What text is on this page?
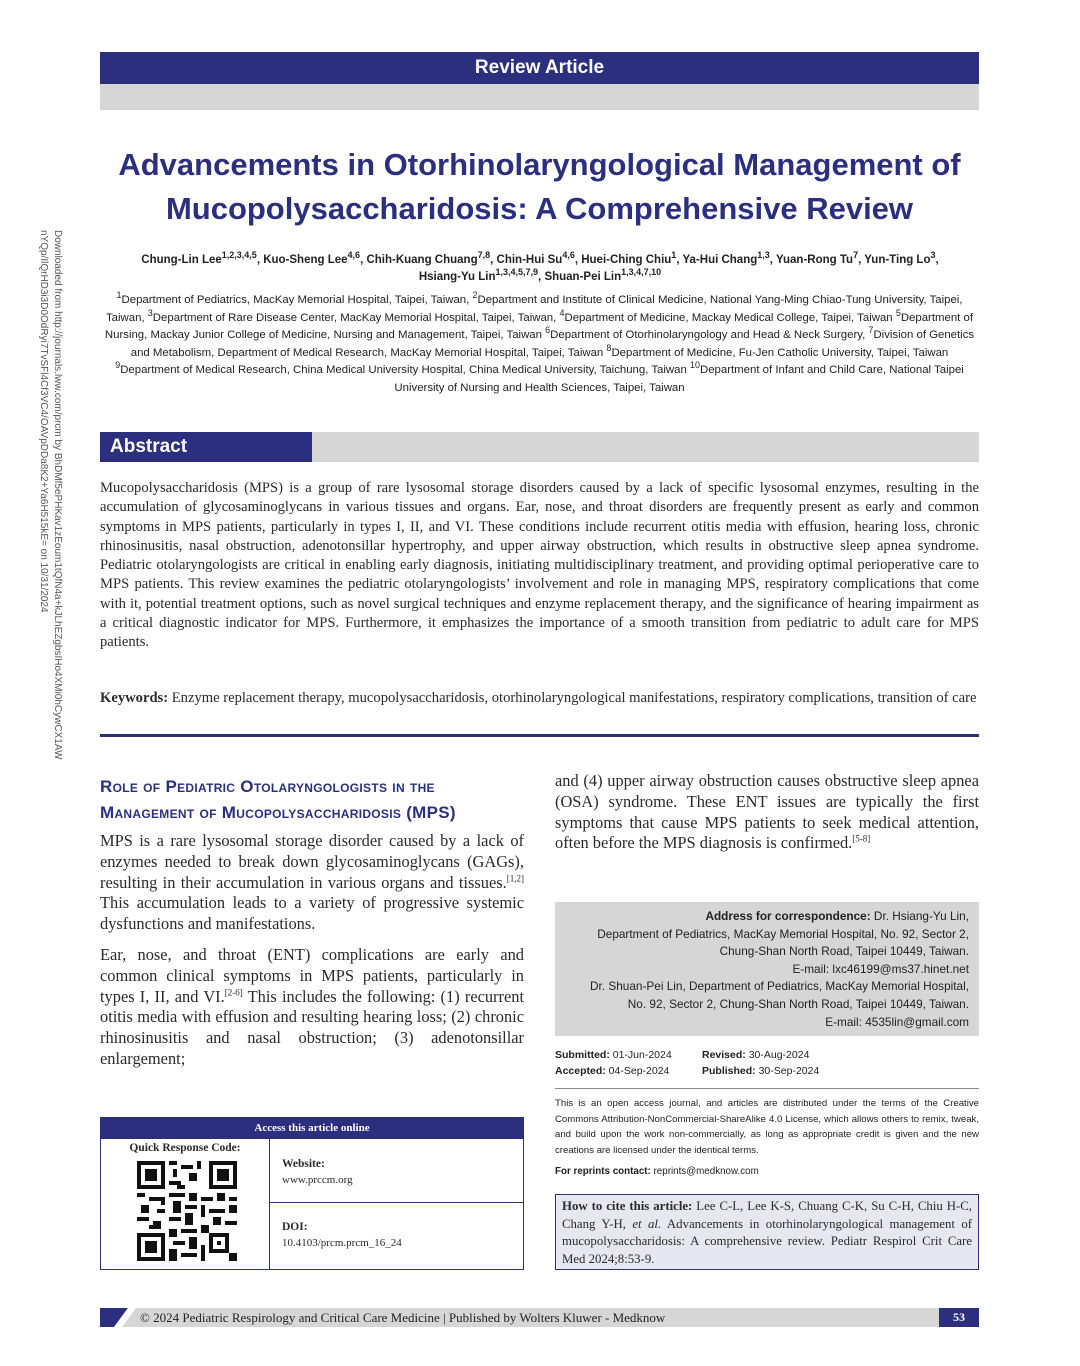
Downloaded from http://journals.lww.com/prcm by BhDMf5ePHKav1zEoum1tQfN4a+kJLhEZgbsIHo4XMi0hCywCX1AW nYQp/IlQrHD3i3D0OdRyi7TvSFl4Cf3VC4/OAVpDDa8K2+Ya6H515kE= on 10/31/2024
Review Article
Advancements in Otorhinolaryngological Management of
Mucopolysaccharidosis: A Comprehensive Review
Chung-Lin Lee$^{1,2,3,4,5}$, Kuo-Sheng Lee$^{4,6}$, Chih-Kuang Chuang$^{7,8}$, Chin-Hui Su$^{4,6}$, Huei-Ching Chiu$^1$, Ya-Hui Chang$^{1,3}$, Yuan-Rong Tu$^7$, Yun-Ting Lo$^3$, Hsiang-Yu Lin$^{1,3,4,5,7,9}$, Shuan-Pei Lin$^{1,3,4,7,10}$
$^1$Department of Pediatrics, MacKay Memorial Hospital, Taipei, Taiwan, $^2$Department and Institute of Clinical Medicine, National Yang-Ming Chiao-Tung University, Taipei, Taiwan, $^3$Department of Rare Disease Center, MacKay Memorial Hospital, Taipei, Taiwan, $^4$Department of Medicine, Mackay Medical College, Taipei, Taiwan $^5$Department of Nursing, Mackay Junior College of Medicine, Nursing and Management, Taipei, Taiwan $^6$Department of Otorhinolaryngology and Head & Neck Surgery, $^7$Division of Genetics and Metabolism, Department of Medical Research, MacKay Memorial Hospital, Taipei, Taiwan $^8$Department of Medicine, Fu-Jen Catholic University, Taipei, Taiwan $^9$Department of Medical Research, China Medical University Hospital, China Medical University, Taichung, Taiwan $^{10}$Department of Infant and Child Care, National Taipei University of Nursing and Health Sciences, Taipei, Taiwan
Abstract
Mucopolysaccharidosis (MPS) is a group of rare lysosomal storage disorders caused by a lack of specific lysosomal enzymes, resulting in the accumulation of glycosaminoglycans in various tissues and organs. Ear, nose, and throat disorders are frequently present as early and common symptoms in MPS patients, particularly in types I, II, and VI. These conditions include recurrent otitis media with effusion, hearing loss, chronic rhinosinusitis, nasal obstruction, adenotonsillar hypertrophy, and upper airway obstruction, which results in obstructive sleep apnea syndrome. Pediatric otolaryngologists are critical in enabling early diagnosis, initiating multidisciplinary treatment, and providing optimal perioperative care to MPS patients. This review examines the pediatric otolaryngologists’ involvement and role in managing MPS, respiratory complications that come with it, potential treatment options, such as novel surgical techniques and enzyme replacement therapy, and the significance of hearing impairment as a critical diagnostic indicator for MPS. Furthermore, it emphasizes the importance of a smooth transition from pediatric to adult care for MPS patients.
Keywords: Enzyme replacement therapy, mucopolysaccharidosis, otorhinolaryngological manifestations, respiratory complications, transition of care
Role of Pediatric Otolaryngologists in the Management of Mucopolysaccharidosis (MPS)

MPS is a rare lysosomal storage disorder caused by a lack of enzymes needed to break down glycosaminoglycans (GAGs), resulting in their accumulation in various organs and tissues.[1,2] This accumulation leads to a variety of progressive systemic dysfunctions and manifestations.

Ear, nose, and throat (ENT) complications are early and common clinical symptoms in MPS patients, particularly in types I, II, and VI.[2-6] This includes the following: (1) recurrent otitis media with effusion and resulting hearing loss; (2) chronic rhinosinusitis and nasal obstruction; (3) adenotonsillar enlargement;

and (4) upper airway obstruction causes obstructive sleep apnea (OSA) syndrome. These ENT issues are typically the first symptoms that cause MPS patients to seek medical attention, often before the MPS diagnosis is confirmed.[5-8]
Address for correspondence: Dr. Hsiang-Yu Lin,
Department of Pediatrics, MacKay Memorial Hospital, No. 92, Sector 2,
Chung-Shan North Road, Taipei 10449, Taiwan.
E-mail: lxc46199@ms37.hinet.net
Dr. Shuan-Pei Lin, Department of Pediatrics, MacKay Memorial Hospital,
No. 92, Sector 2, Chung-Shan North Road, Taipei 10449, Taiwan.
E-mail: 4535lin@gmail.com
Submitted: 01-Jun-2024	Revised: 30-Aug-2024
Accepted: 04-Sep-2024	Published: 30-Sep-2024
This is an open access journal, and articles are distributed under the terms of the Creative Commons Attribution-NonCommercial-ShareAlike 4.0 License, which allows others to remix, tweak, and build upon the work non-commercially, as long as appropriate credit is given and the new creations are licensed under the identical terms.
For reprints contact: reprints@medknow.com
How to cite this article: Lee C-L, Lee K-S, Chuang C-K, Su C-H, Chiu H-C, Chang Y-H, et al. Advancements in otorhinolaryngological management of mucopolysaccharidosis: A comprehensive review. Pediatr Respirol Crit Care Med 2024;8:53-9.
Access this article online
Quick Response Code:
Website:
www.prccm.org
DOI:
10.4103/prcm.prcm_16_24
© 2024 Pediatric Respirology and Critical Care Medicine | Published by Wolters Kluwer - Medknow	53
